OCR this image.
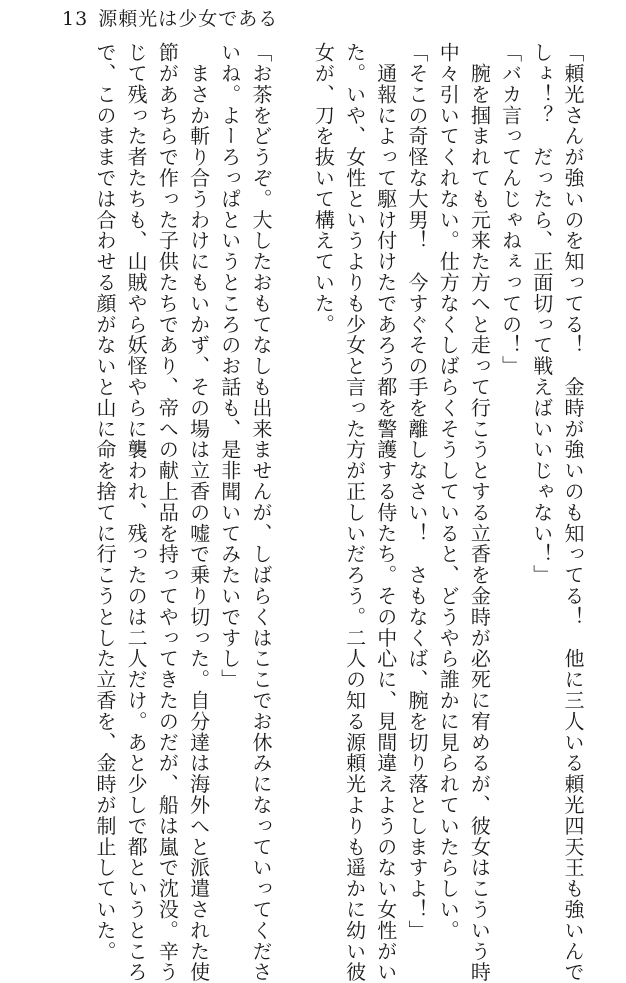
13 源頼光は少女である

「頼光さんが強いのを知ってる！　金時が強いのも知ってる！　他に三人いる頼光四天王も強いんで

しょ！？　だったら、正面切って戦えばいいじゃない！」

「バカ言ってんじゃねぇっての！」

　腕を掴まれても元来た方へと走って行こうとする立香を金時が必死に宥めるが、彼女はこういう時

中々引いてくれない。仕方なくしばらくそうしていると、どうやら誰かに見られていたらしい。

「そこの奇怪な大男！　今すぐその手を離しなさい！　さもなくば、腕を切り落としますよ！」

　通報によって駆け付けたであろう都を警護する侍たち。その中心に、見間違えようのない女性がい

た。いや、女性というよりも少女と言った方が正しいだろう。二人の知る源頼光よりも遥かに幼い彼

女が、刀を抜いて構えていた。

「お茶をどうぞ。大したおもてなしも出来ませんが、しばらくはここでお休みになっていってくださ

いね。よーろっぱというところのお話も、是非聞いてみたいですし」

　まさか斬り合うわけにもいかず、その場は立香の嘘で乗り切った。自分達は海外へと派遣された使

節があちらで作った子供たちであり、帝への献上品を持ってやってきたのだが、船は嵐で沈没。辛う

じて残った者たちも、山賊やら妖怪やらに襲われ、残ったのは二人だけ。あと少しで都というところ

で、このままでは合わせる顔がないと山に命を捨てに行こうとした立香を、金時が制止していた。
